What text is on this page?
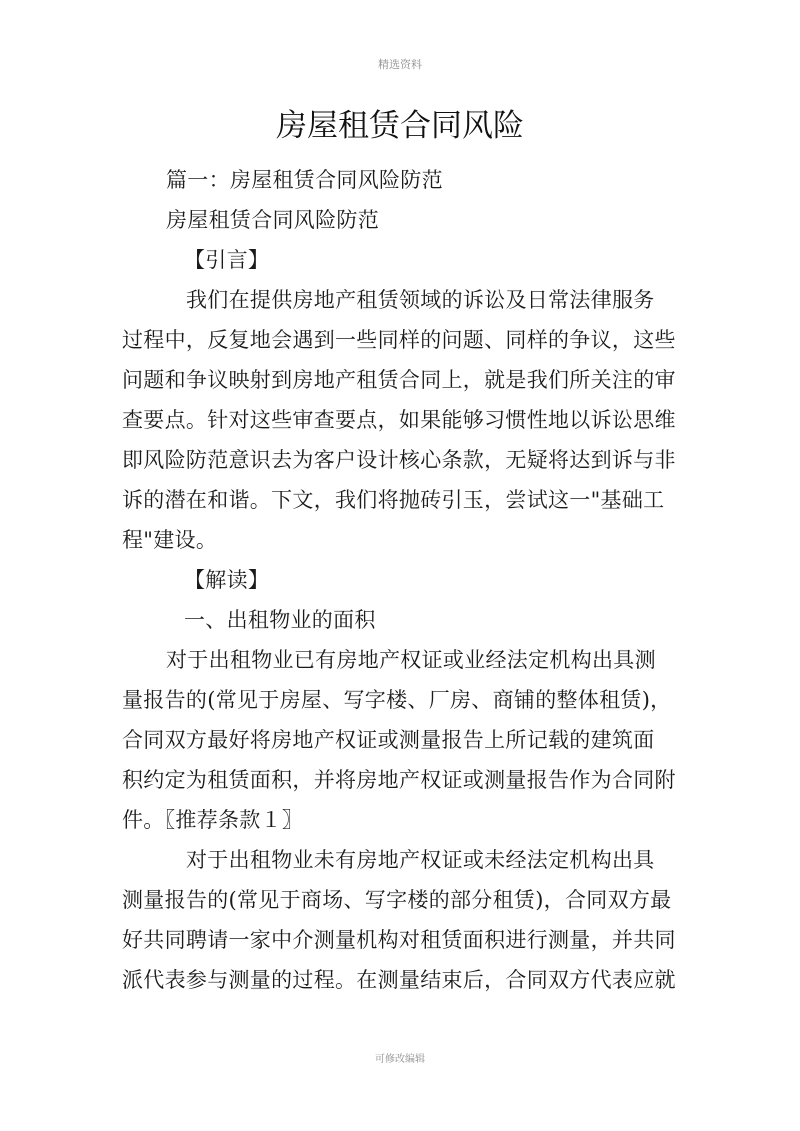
精选资料
房屋租赁合同风险

篇一：房屋租赁合同风险防范

房屋租赁合同风险防范

【引言】

我们在提供房地产租赁领域的诉讼及日常法律服务

过程中，反复地会遇到一些同样的问题、同样的争议，这些

问题和争议映射到房地产租赁合同上，就是我们所关注的审

查要点。针对这些审查要点，如果能够习惯性地以诉讼思维

即风险防范意识去为客户设计核心条款，无疑将达到诉与非

诉的潜在和谐。下文，我们将抛砖引玉，尝试这一"基础工

程"建设。

【解读】

一、出租物业的面积

对于出租物业已有房地产权证或业经法定机构出具测

量报告的(常见于房屋、写字楼、厂房、商铺的整体租赁)，

合同双方最好将房地产权证或测量报告上所记载的建筑面

积约定为租赁面积，并将房地产权证或测量报告作为合同附

件。〖推荐条款１〗

对于出租物业未有房地产权证或未经法定机构出具

测量报告的(常见于商场、写字楼的部分租赁)，合同双方最

好共同聘请一家中介测量机构对租赁面积进行测量，并共同

派代表参与测量的过程。在测量结束后，合同双方代表应就

可修改编辑
